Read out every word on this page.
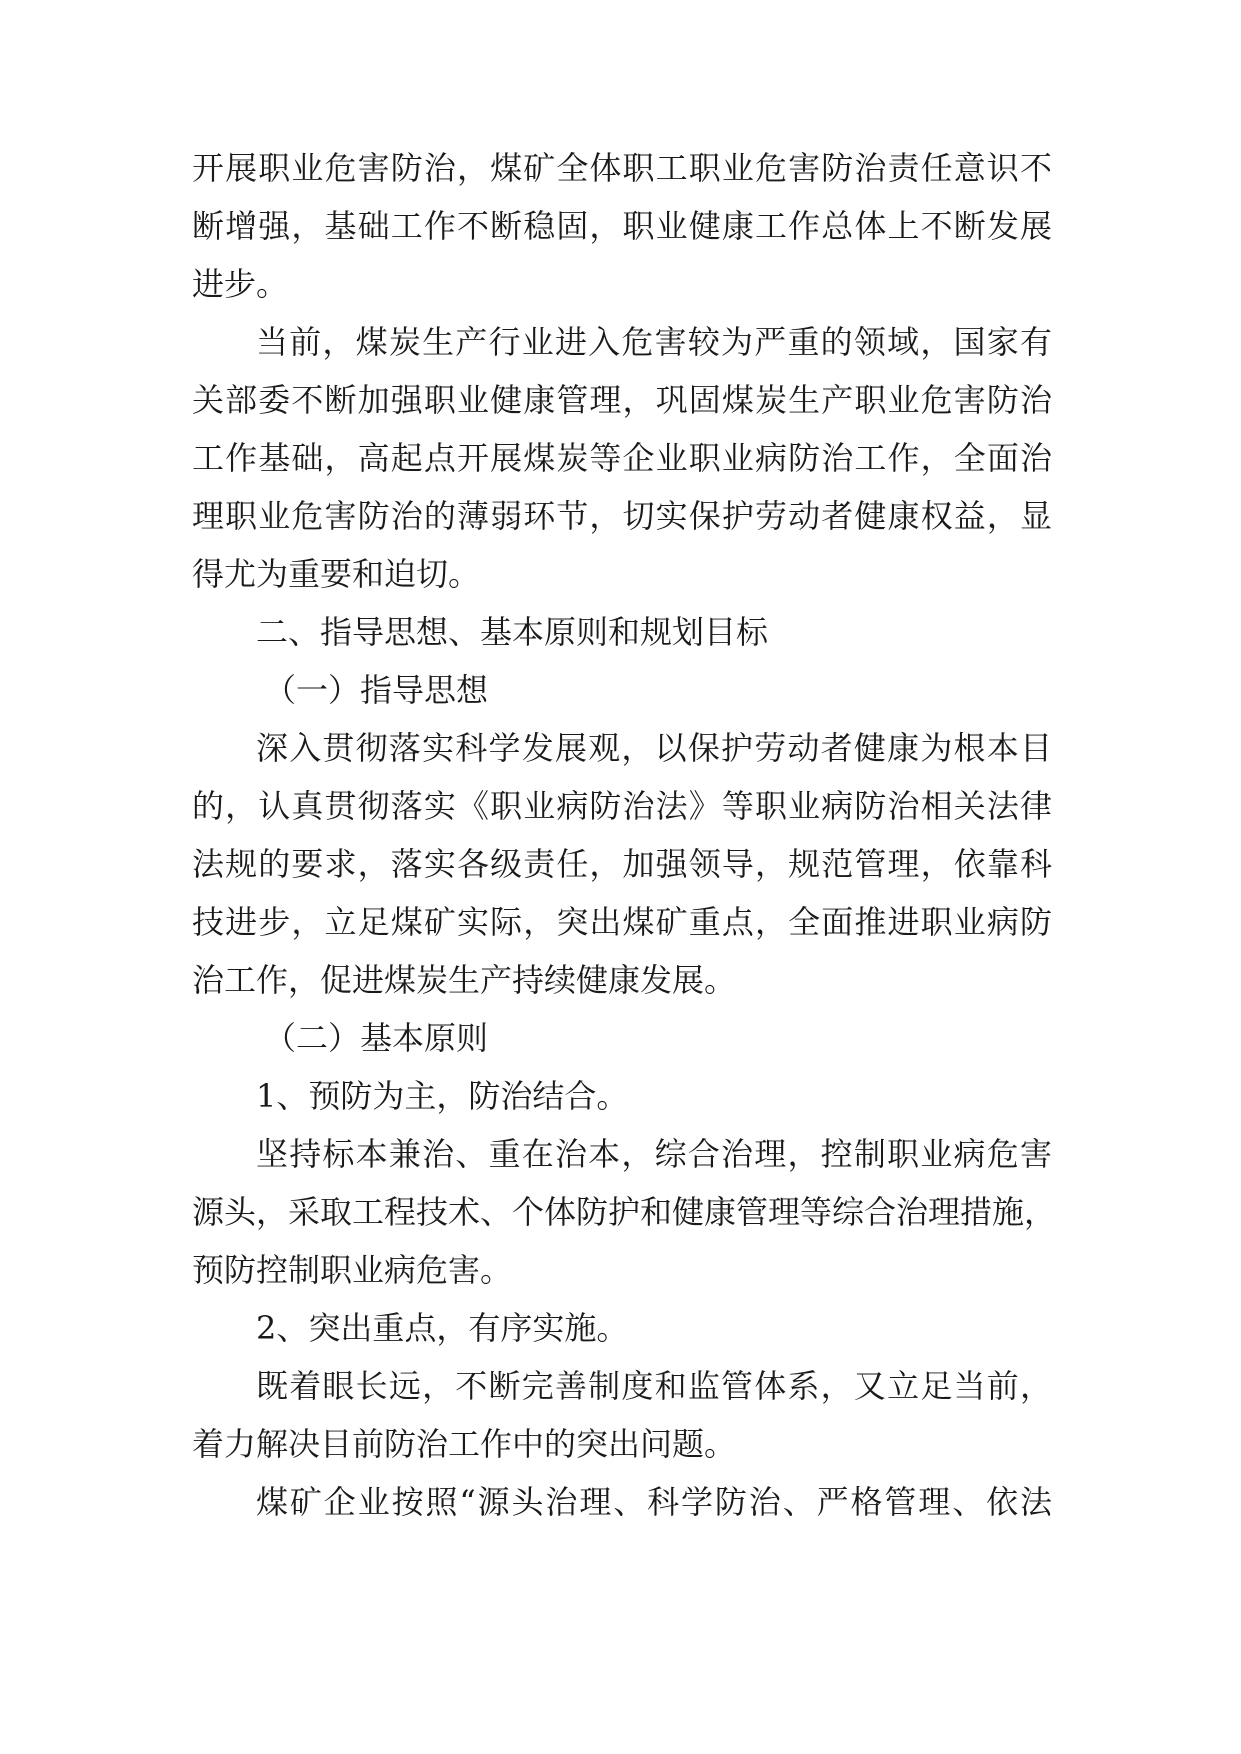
开展职业危害防治，煤矿全体职工职业危害防治责任意识不
断增强，基础工作不断稳固，职业健康工作总体上不断发展
进步。
当前，煤炭生产行业进入危害较为严重的领域，国家有
关部委不断加强职业健康管理，巩固煤炭生产职业危害防治
工作基础，高起点开展煤炭等企业职业病防治工作，全面治
理职业危害防治的薄弱环节，切实保护劳动者健康权益，显
得尤为重要和迫切。
二、指导思想、基本原则和规划目标
（一）指导思想
深入贯彻落实科学发展观，以保护劳动者健康为根本目
的，认真贯彻落实《职业病防治法》等职业病防治相关法律
法规的要求，落实各级责任，加强领导，规范管理，依靠科
技进步，立足煤矿实际，突出煤矿重点，全面推进职业病防
治工作，促进煤炭生产持续健康发展。
（二）基本原则
1、预防为主，防治结合。
坚持标本兼治、重在治本，综合治理，控制职业病危害
源头，采取工程技术、个体防护和健康管理等综合治理措施，
预防控制职业病危害。
2、突出重点，有序实施。
既着眼长远，不断完善制度和监管体系，又立足当前，
着力解决目前防治工作中的突出问题。
煤矿企业按照“源头治理、科学防治、严格管理、依法
